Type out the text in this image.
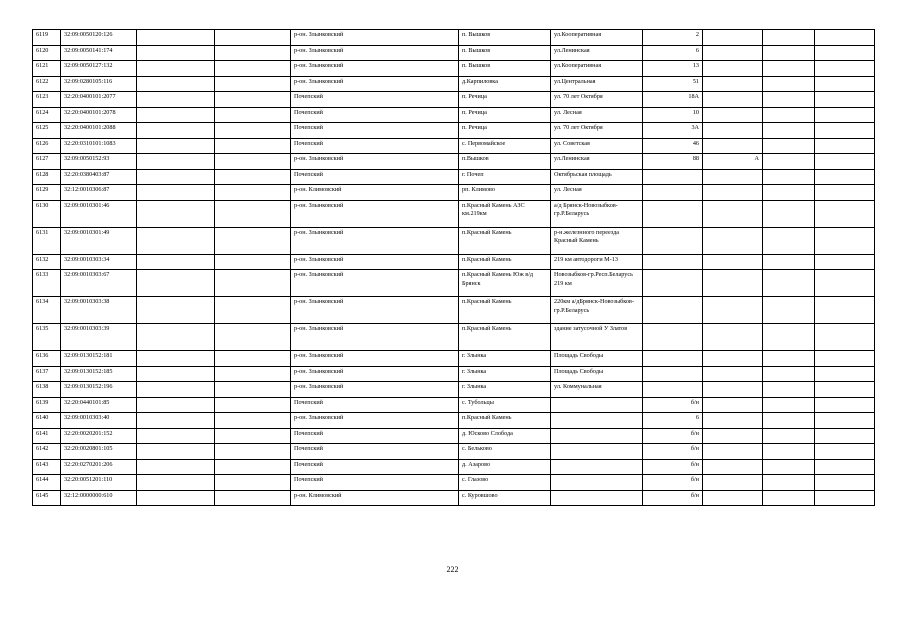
6119	32:09:0050120:126			р-он. Злынковский	п. Вышков	ул.Кооперативная	2			
6120	32:09:0050141:174			р-он. Злынковский	п. Вышков	ул.Ленинская	6			
6121	32:09:0050127:132			р-он. Злынковский	п. Вышков	ул.Кооперативная	13			
6122	32:09:0280105:116			р-он. Злынковский	д.Карпиловка	ул.Центральная	51			
6123	32:20:0400101:2077			Почепский	п. Речица	ул. 70 лет Октября	18А			
6124	32:20:0400101:2078			Почепский	п. Речица	ул. Лесная	10			
6125	32:20:0400101:2088			Почепский	п. Речица	ул. 70 лет Октября	3А			
6126	32:20:0310101:1083			Почепский	с. Первомайское	ул. Советская	46			
6127	32:09:0050152:93			р-он. Злынковский	п.Вышков	ул.Ленинская	88	А		
6128	32:20:0380403:87			Почепский	г. Почеп	Октябрьская площадь				
6129	32:12:0010306:87			р-он. Климовский	рп. Климово	ул. Лесная				
6130	32:09:0010301:46			р-он. Злынковский	п.Красный Камень АЗС км.219км	а/д Брянск-Новозыбков-гр.Р.Беларусь				
6131	32:09:0010301:49			р-он. Злынковский	п.Красный Камень	р-н.железнного переезда Красный Камень				
6132	32:09:0010303:34			р-он. Злынковский	п.Красный Камень	219 км автодороги М-13				
6133	32:09:0010303:67			р-он. Злынковский	п.Красный Камень Юж в/д Брянск	Новозыбков-гр.Респ.Беларусь 219 км				
6134	32:09:0010303:38			р-он. Злынковский	п.Красный Камень	220км а/дБрянск-Новозыбков-гр.Р.Беларусь				
6135	32:09:0010303:39			р-он. Злынковский	п.Красный Камень	здание затусочной У Златов				
6136	32:09:0130152:181			р-он. Злынковский	г. Злынка	Площадь Свободы				
6137	32:09:0130152:185			р-он. Злынковский	г. Злынка	Площадь Свободы				
6138	32:09:0130152:196			р-он. Злынковский	г. Злынка	ул. Коммунальная				
6139	32:20:0440101:85			Почепский	с. Тубольцы		б/н			
6140	32:09:0010303:40			р-он. Злынковский	п.Красный Камень		6			
6141	32:20:0020201:152			Почепский	д. Юсково Слобода		б/н			
6142	32:20:0020801:105			Почепский	с. Бельково		б/н			
6143	32:20:0270201:206			Почепский	д. Азарово		б/н			
6144	32:20:0051201:110			Почепский	с. Глазово		б/н			
6145	32:12:0000000:610			р-он. Климовский	с. Куровшово		б/н			
222
